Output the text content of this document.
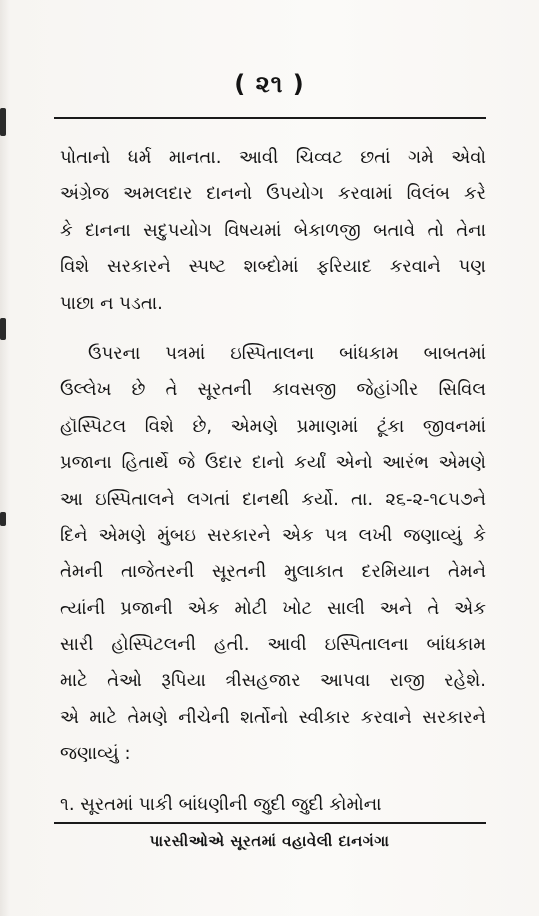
( ૨૧ )
પોતાનો ધર્મ માનતા. આવી ચિવ્વટ છતાં ગમે એવો
અંગ્રેજ અમલદાર દાનનો ઉપયોગ કરવામાં વિલંબ કરે
કે દાનના સદુપયોગ વિષયમાં બેકાળજી બતાવે તો તેના
વિશે સરકારને સ્પષ્ટ શબ્દોમાં ફરિયાદ કરવાને પણ
પાછા ન પડતા.
ઉપરના પત્રમાં ઇસ્પિતાલના બાંધકામ બાબતમાં
ઉલ્લેખ છે તે સૂરતની કાવસજી જેહાંગીર સિવિલ
હૉસ્પિટલ વિશે છે, એમણે પ્રમાણમાં ટૂંકા જીવનમાં
પ્રજાના હિતાર્થે જે ઉદાર દાનો કર્યાં એનો આરંભ એમણે
આ ઇસ્પિતાલને લગતાં દાનથી કર્યો. તા. ૨૬-૨-૧૮૫૭ને
દિને એમણે મુંબઇ સરકારને એક પત્ર લખી જણાવ્યું કે
તેમની તાજેતરની સૂરતની મુલાકાત દરમિયાન તેમને
ત્યાંની પ્રજાની એક મોટી ખોટ સાલી અને તે એક
સારી હોસ્પિટલની હતી. આવી ઇસ્પિતાલના બાંધકામ
માટે તેઓ રૂપિયા ત્રીસહજાર આપવા રાજી રહેશે.
એ માટે તેમણે નીચેની શર્તોનો સ્વીકાર કરવાને સરકારને
જણાવ્યું :
૧. સૂરતમાં પાકી બાંધણીની જુદી જુદી કોમોના
પારસીઓએ સૂરતમાં વહાવેલી દાનગંગા
